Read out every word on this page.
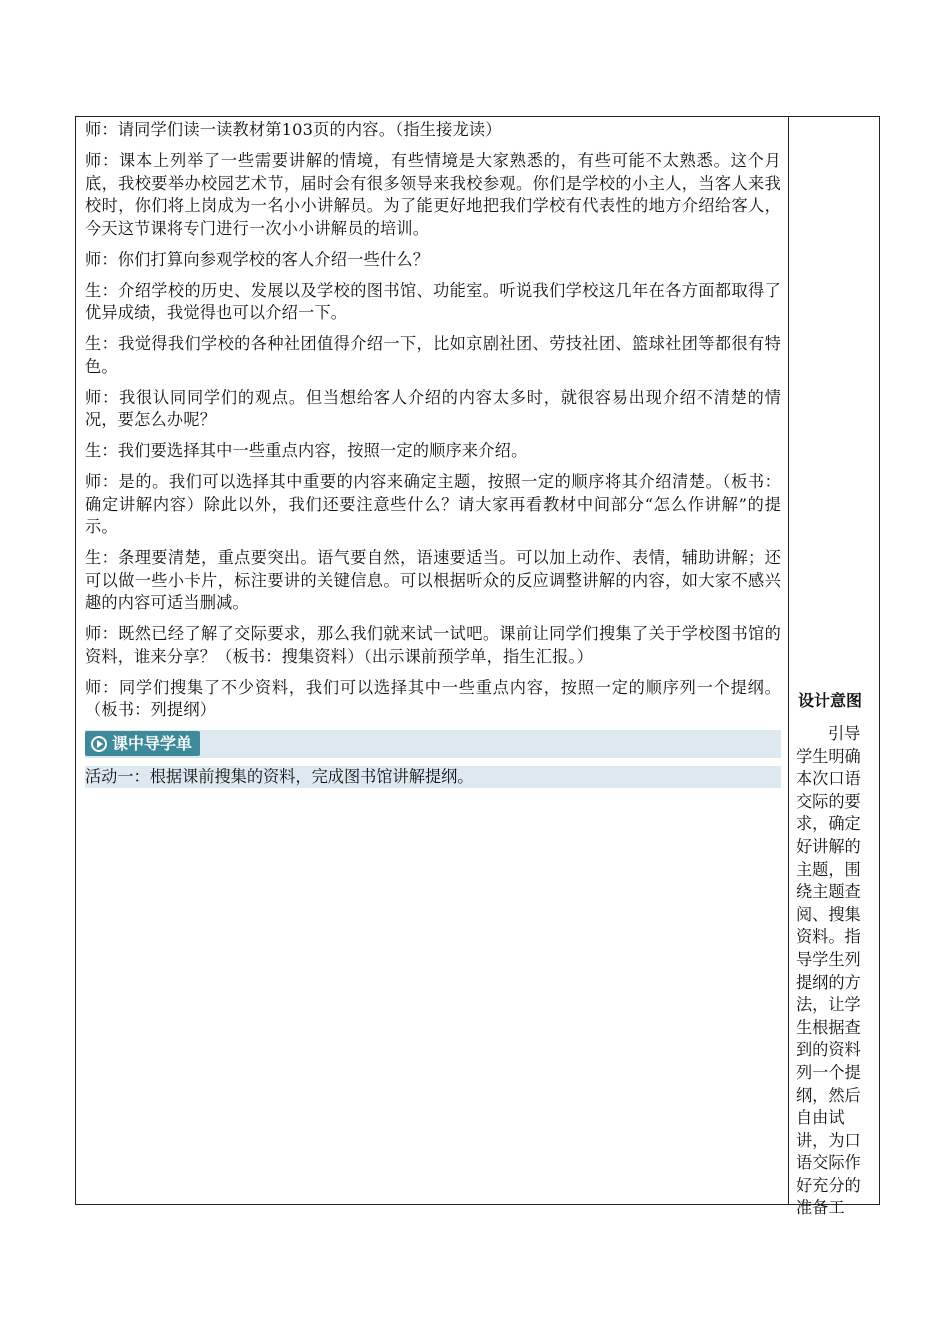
师：请同学们读一读教材第103页的内容。（指生接龙读）

师：课本上列举了一些需要讲解的情境，有些情境是大家熟悉的，有些可能不太熟悉。这个月底，我校要举办校园艺术节，届时会有很多领导来我校参观。你们是学校的小主人，当客人来我校时，你们将上岗成为一名小小讲解员。为了能更好地把我们学校有代表性的地方介绍给客人，今天这节课将专门进行一次小小讲解员的培训。

师：你们打算向参观学校的客人介绍一些什么？

生：介绍学校的历史、发展以及学校的图书馆、功能室。听说我们学校这几年在各方面都取得了优异成绩，我觉得也可以介绍一下。

生：我觉得我们学校的各种社团值得介绍一下，比如京剧社团、劳技社团、篮球社团等都很有特色。

师：我很认同同学们的观点。但当想给客人介绍的内容太多时，就很容易出现介绍不清楚的情况，要怎么办呢？

生：我们要选择其中一些重点内容，按照一定的顺序来介绍。

师：是的。我们可以选择其中重要的内容来确定主题，按照一定的顺序将其介绍清楚。（板书：确定讲解内容）除此以外，我们还要注意些什么？请大家再看教材中间部分“怎么作讲解”的提示。

生：条理要清楚，重点要突出。语气要自然，语速要适当。可以加上动作、表情，辅助讲解；还可以做一些小卡片，标注要讲的关键信息。可以根据听众的反应调整讲解的内容，如大家不感兴趣的内容可适当删减。

师：既然已经了解了交际要求，那么我们就来试一试吧。课前让同学们搜集了关于学校图书馆的资料，谁来分享？（板书：搜集资料）（出示课前预学单，指生汇报。）

师：同学们搜集了不少资料，我们可以选择其中一些重点内容，按照一定的顺序列一个提纲。（板书：列提纲）

课中导学单
活动一：根据课前搜集的资料，完成图书馆讲解提纲。
设计意图

引导学生明确本次口语交际的要求，确定好讲解的主题，围绕主题查阅、搜集资料。指导学生列提纲的方法，让学生根据查到的资料列一个提纲，然后自由试讲，为口语交际作好充分的准备工
